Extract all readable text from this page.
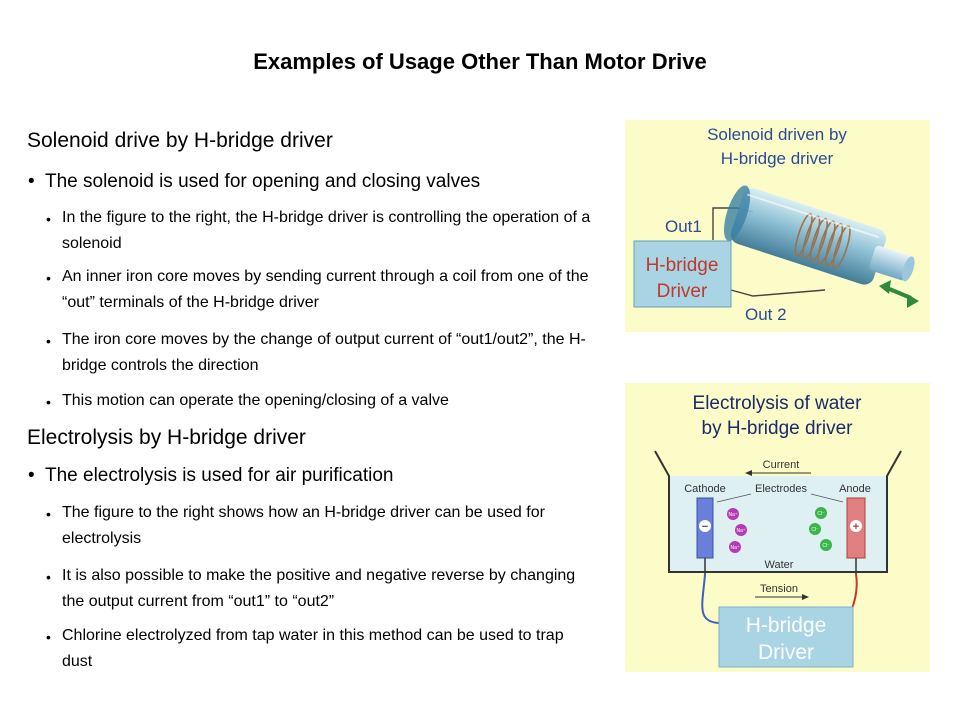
Examples of Usage Other Than Motor Drive
Solenoid drive by H-bridge driver
• The solenoid is used for opening and closing valves
• In the figure to the right, the H-bridge driver is controlling the operation of a solenoid
• An inner iron core moves by sending current through a coil from one of the “out” terminals of the H-bridge driver
• The iron core moves by the change of output current of “out1/out2”, the H-bridge controls the direction
• This motion can operate the opening/closing of a valve
Electrolysis by H-bridge driver
• The electrolysis is used for air purification
• The figure to the right shows how an H-bridge driver can be used for electrolysis
• It is also possible to make the positive and negative reverse by changing the output current from “out1” to “out2”
• Chlorine electrolyzed from tap water in this method can be used to trap dust
Solenoid driven by
H-bridge driver
Out1
H-bridge
Driver
Out 2
Electrolysis of water
by H-bridge driver
Current
Cathode	Electrodes	Anode
−	+
Na⁺
Na⁺
Na⁺
Cl⁻
Cl⁻
Cl⁻
Water
Tension
H-bridge
Driver
